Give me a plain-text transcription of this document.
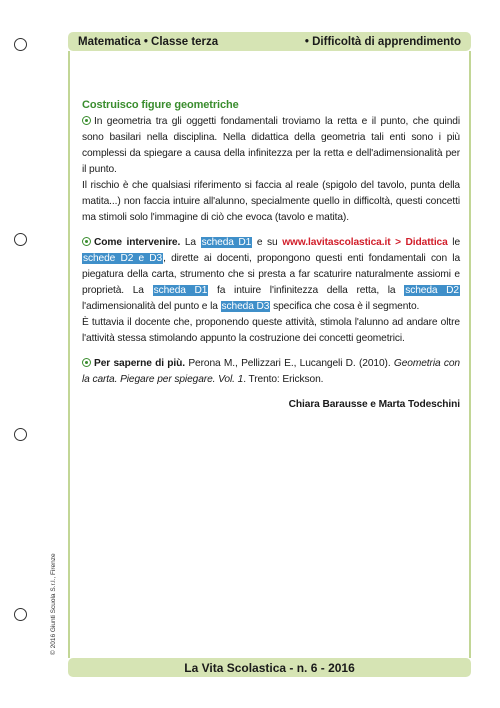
Matematica • Classe terza	• Difficoltà di apprendimento
Costruisco figure geometriche
In geometria tra gli oggetti fondamentali troviamo la retta e il punto, che quindi sono basilari nella disciplina. Nella didattica della geometria tali enti sono i più complessi da spiegare a causa della infinitezza per la retta e dell'adimensionalità per il punto.
Il rischio è che qualsiasi riferimento si faccia al reale (spigolo del tavolo, punta della matita...) non faccia intuire all'alunno, specialmente quello in difficoltà, questi concetti ma stimoli solo l'immagine di ciò che evoca (tavolo e matita).
Come intervenire. La scheda D1 e su www.lavitascolastica.it > Didattica le schede D2 e D3, dirette ai docenti, propongono questi enti fondamentali con la piegatura della carta, strumento che si presta a far scaturire naturalmente assiomi e proprietà. La scheda D1 fa intuire l'infinitezza della retta, la scheda D2 l'adimensionalità del punto e la scheda D3 specifica che cosa è il segmento.
È tuttavia il docente che, proponendo queste attività, stimola l'alunno ad andare oltre l'attività stessa stimolando appunto la costruzione dei concetti geometrici.
Per saperne di più. Perona M., Pellizzari E., Lucangeli D. (2010). Geometria con la carta. Piegare per spiegare. Vol. 1. Trento: Erickson.
Chiara Barausse e Marta Todeschini
© 2016 Giunti Scuola S.r.l., Firenze
La Vita Scolastica - n. 6 - 2016
